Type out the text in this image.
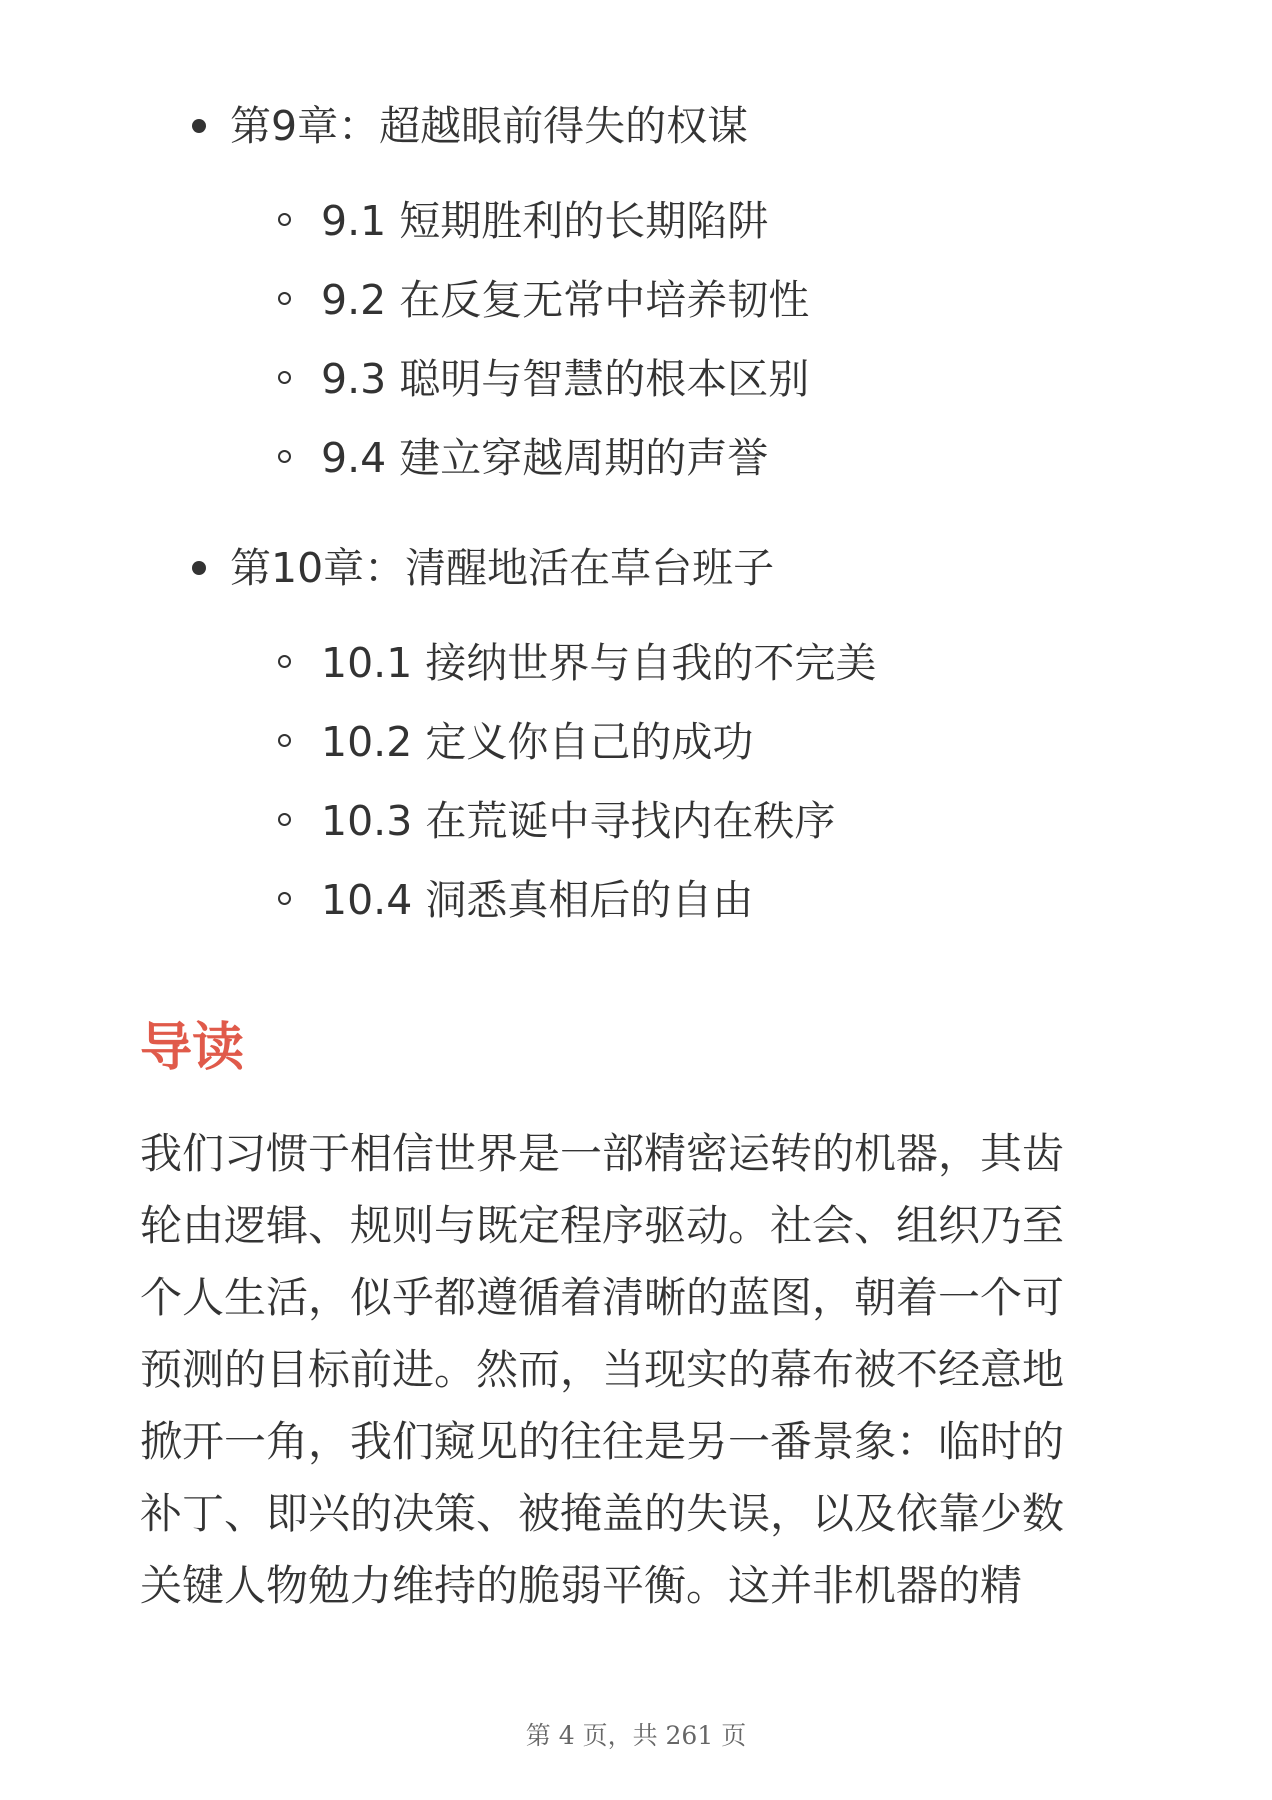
第9章：超越眼前得失的权谋
9.1 短期胜利的长期陷阱
9.2 在反复无常中培养韧性
9.3 聪明与智慧的根本区别
9.4 建立穿越周期的声誉
第10章：清醒地活在草台班子
10.1 接纳世界与自我的不完美
10.2 定义你自己的成功
10.3 在荒诞中寻找内在秩序
10.4 洞悉真相后的自由
导读
我们习惯于相信世界是一部精密运转的机器，其齿
轮由逻辑、规则与既定程序驱动。社会、组织乃至
个人生活，似乎都遵循着清晰的蓝图，朝着一个可
预测的目标前进。然而，当现实的幕布被不经意地
掀开一角，我们窥见的往往是另一番景象：临时的
补丁、即兴的决策、被掩盖的失误，以及依靠少数
关键人物勉力维持的脆弱平衡。这并非机器的精
第 4 页，共 261 页
